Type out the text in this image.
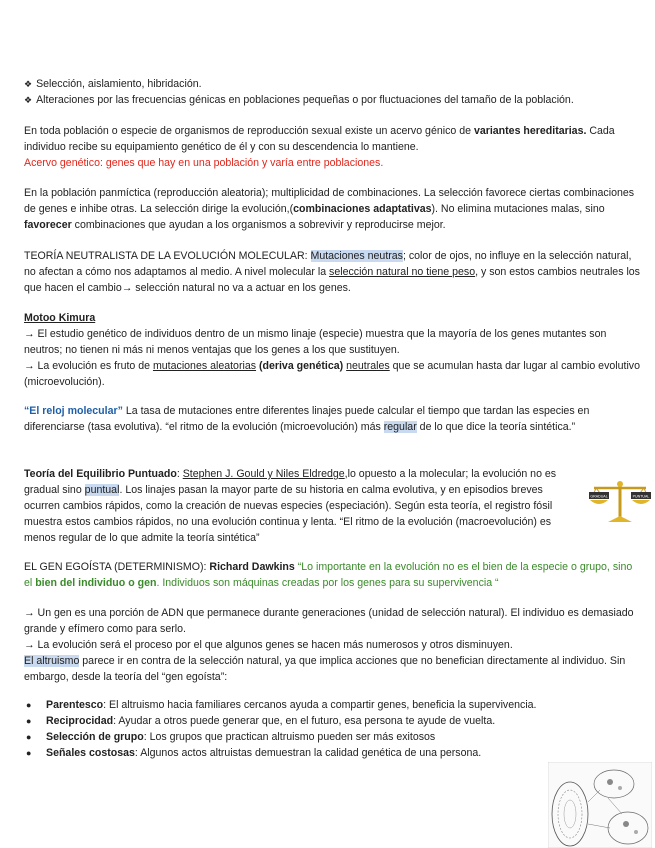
❖ Selección, aislamiento, hibridación.
❖ Alteraciones por las frecuencias génicas en poblaciones pequeñas o por fluctuaciones del tamaño de la población.

En toda población o especie de organismos de reproducción sexual existe un acervo génico de variantes hereditarias. Cada individuo recibe su equipamiento genético de él y con su descendencia lo mantiene.
Acervo genético: genes que hay en una población y varía entre poblaciones.

En la población panmíctica (reproducción aleatoria); multiplicidad de combinaciones. La selección favorece ciertas combinaciones de genes e inhibe otras. La selección dirige la evolución,(combinaciones adaptativas). No elimina mutaciones malas, sino favorecer combinaciones que ayudan a los organismos a sobrevivir y reproducirse mejor.

TEORÍA NEUTRALISTA DE LA EVOLUCIÓN MOLECULAR: Mutaciones neutras; color de ojos, no influye en la selección natural, no afectan a cómo nos adaptamos al medio. A nivel molecular la selección natural no tiene peso, y son estos cambios neutrales los que hacen el cambio→ selección natural no va a actuar en los genes.

Motoo Kimura
→ El estudio genético de individuos dentro de un mismo linaje (especie) muestra que la mayoría de los genes mutantes son neutros; no tienen ni más ni menos ventajas que los genes a los que sustituyen.
→ La evolución es fruto de mutaciones aleatorias (deriva genética) neutrales que se acumulan hasta dar lugar al cambio evolutivo (microevolución).

“El reloj molecular” La tasa de mutaciones entre diferentes linajes puede calcular el tiempo que tardan las especies en diferenciarse (tasa evolutiva). “el ritmo de la evolución (microevolución) más regular de lo que dice la teoría sintética.”

Teoría del Equilibrio Puntuado: Stephen J. Gould y Niles Eldredge,lo opuesto a la molecular; la evolución no es gradual sino puntual. Los linajes pasan la mayor parte de su historia en calma evolutiva, y en episodios breves ocurren cambios rápidos, como la creación de nuevas especies (especiación). Según esta teoría, el registro fósil muestra estos cambios rápidos, no una evolución continua y lenta. “El ritmo de la evolución (macroevolución) es menos regular de lo que admite la teoría sintética”

GRADUAL	PUNTUAL

EL GEN EGOÍSTA (DETERMINISMO): Richard Dawkins “Lo importante en la evolución no es el bien de la especie o grupo, sino el bien del individuo o gen. Individuos son máquinas creadas por los genes para su supervivencia “

→ Un gen es una porción de ADN que permanece durante generaciones (unidad de selección natural). El individuo es demasiado grande y efímero como para serlo.
→ La evolución será el proceso por el que algunos genes se hacen más numerosos y otros disminuyen.
El altruismo parece ir en contra de la selección natural, ya que implica acciones que no benefician directamente al individuo. Sin embargo, desde la teoría del “gen egoísta”:
● Parentesco: El altruismo hacia familiares cercanos ayuda a compartir genes, beneficia la supervivencia.
● Reciprocidad: Ayudar a otros puede generar que, en el futuro, esa persona te ayude de vuelta.
● Selección de grupo: Los grupos que practican altruismo pueden ser más exitosos
● Señales costosas: Algunos actos altruistas demuestran la calidad genética de una persona.
